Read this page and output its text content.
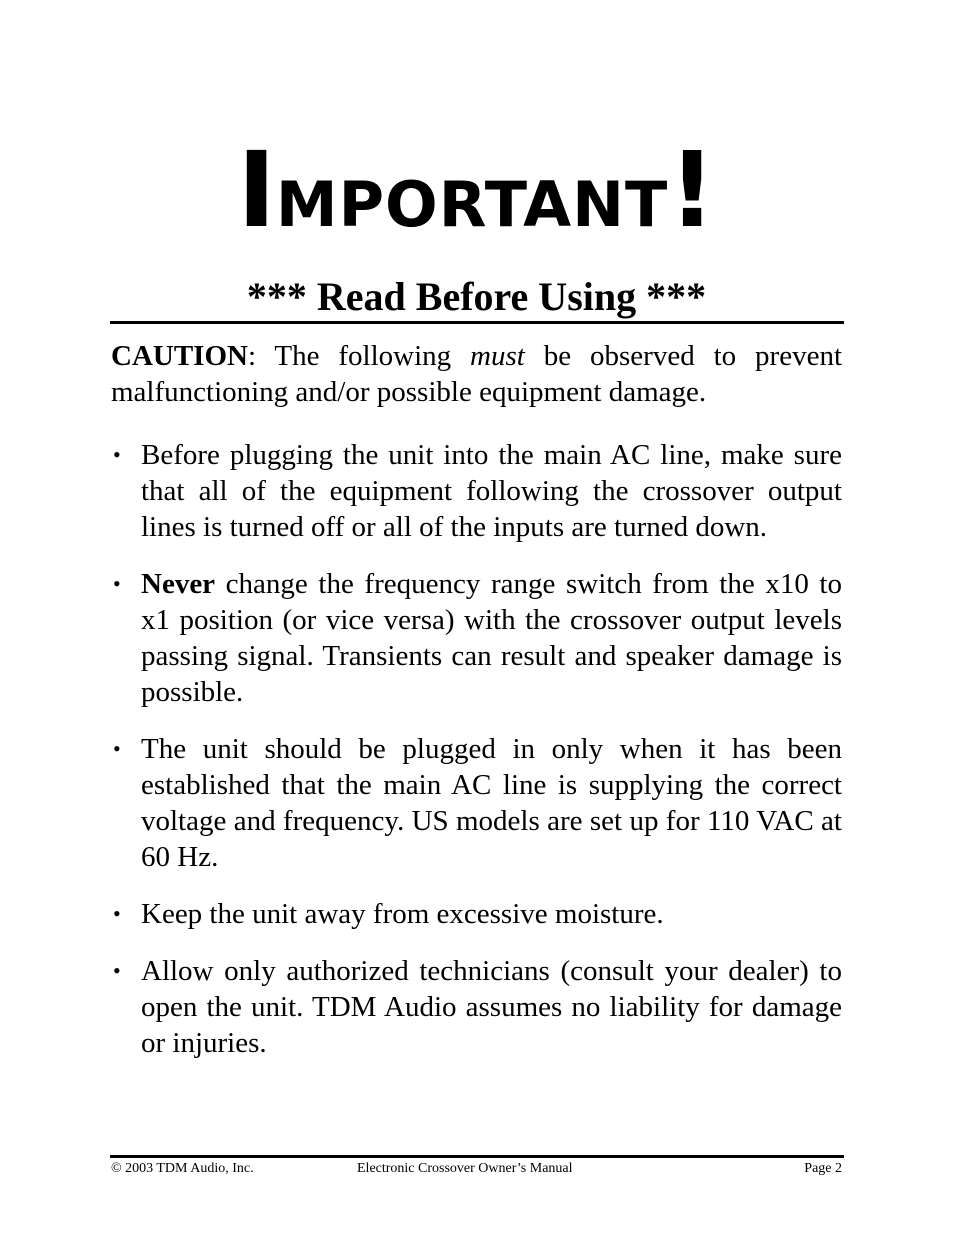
IMPORTANT!
*** Read Before Using ***
CAUTION: The following must be observed to prevent malfunctioning and/or possible equipment damage.
• Before plugging the unit into the main AC line, make sure that all of the equipment following the crossover output lines is turned off or all of the inputs are turned down.
• Never change the frequency range switch from the x10 to x1 position (or vice versa) with the crossover output levels passing signal. Transients can result and speaker damage is possible.
• The unit should be plugged in only when it has been established that the main AC line is supplying the correct voltage and frequency. US models are set up for 110 VAC at 60 Hz.
• Keep the unit away from excessive moisture.
• Allow only authorized technicians (consult your dealer) to open the unit. TDM Audio assumes no liability for damage or injuries.
© 2003 TDM Audio, Inc.	Electronic Crossover Owner’s Manual	Page 2
